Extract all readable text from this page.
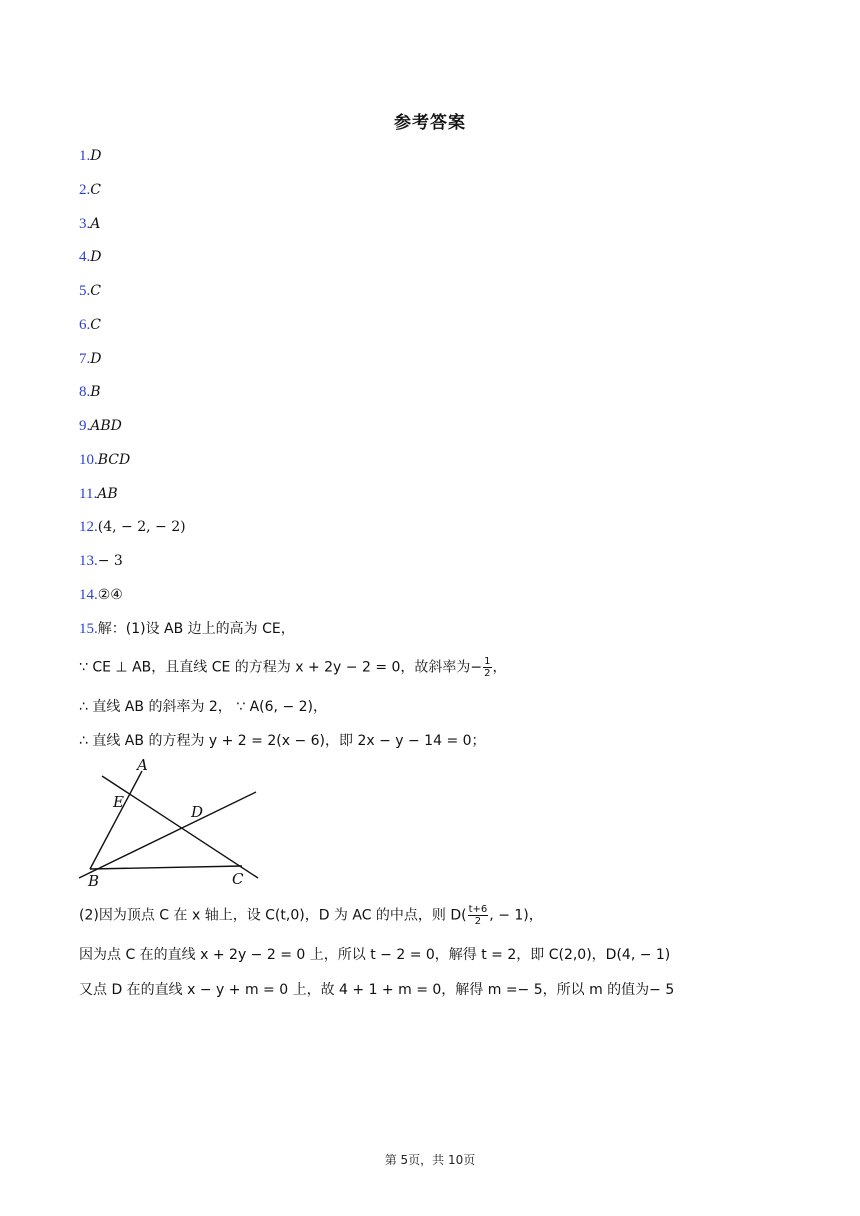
参考答案
1.D
2.C
3.A
4.D
5.C
6.C
7.D
8.B
9.ABD
10.BCD
11.AB
12.(4, − 2, − 2)
13.− 3
14.②④
15.解：(1)设 AB 边上的高为 CE，
∵ CE ⊥ AB，且直线 CE 的方程为 x + 2y − 2 = 0，故斜率为− $\frac{1}{2}$ ，
∴ 直线 AB 的斜率为 2， ∵ A(6, − 2)，
∴ 直线 AB 的方程为 y + 2 = 2(x − 6)，即 2x − y − 14 = 0；
A
E
D
B	C
(2)因为顶点 C 在 x 轴上，设 C(t,0)，D 为 AC 的中点，则 $D( \frac{t+6}{2}$ , − 1)，
因为点 C 在的直线 x + 2y − 2 = 0 上，所以 t − 2 = 0，解得 t = 2，即 C(2,0)，D(4, − 1)
又点 D 在的直线 x − y + m = 0 上，故 4 + 1 + m = 0，解得 m =− 5，所以 m 的值为− 5
第 5页，共 10页
